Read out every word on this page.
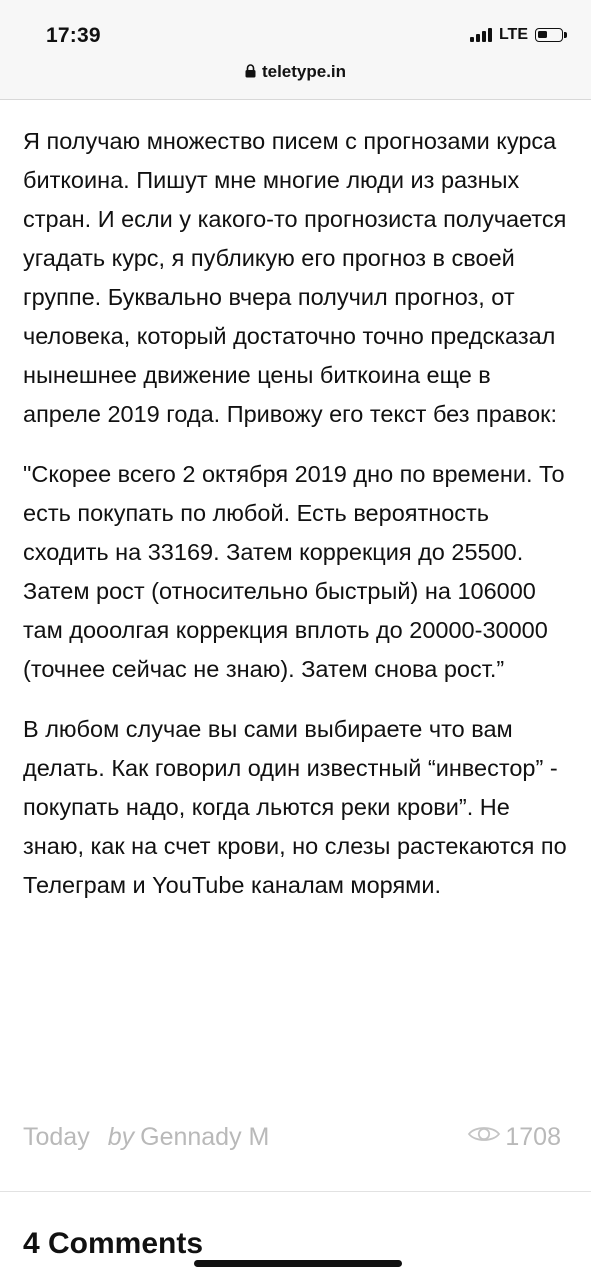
17:39	LTE
teletype.in

Я получаю множество писем с прогнозами курса биткоина. Пишут мне многие люди из разных стран. И если у какого-то прогнозиста получается угадать курс, я публикую его прогноз в своей группе. Буквально вчера получил прогноз, от человека, который достаточно точно предсказал нынешнее движение цены биткоина еще в апреле 2019 года. Привожу его текст без правок:

"Скорее всего 2 октября 2019 дно по времени. То есть покупать по любой. Есть вероятность сходить на 33169. Затем коррекция до 25500. Затем рост (относительно быстрый) на 106000 там дооолгая коррекция вплоть до 20000-30000 (точнее сейчас не знаю). Затем снова рост.”

В любом случае вы сами выбираете что вам делать. Как говорил один известный “инвестор” - покупать надо, когда льются реки крови”. Не знаю, как на счет крови, но слезы растекаются по Телеграм и YouTube каналам морями.

Today by Gennady M	1708
4 Comments
